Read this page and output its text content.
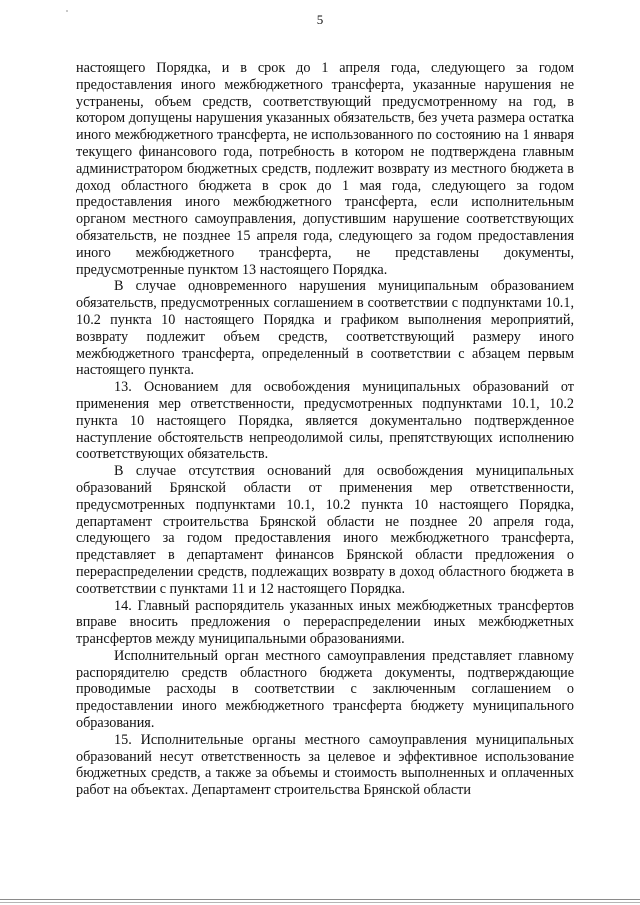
5

настоящего Порядка, и в срок до 1 апреля года, следующего за годом предоставления иного межбюджетного трансферта, указанные нарушения не устранены, объем средств, соответствующий предусмотренному на год, в котором допущены нарушения указанных обязательств, без учета размера остатка иного межбюджетного трансферта, не использованного по состоянию на 1 января текущего финансового года, потребность в котором не подтверждена главным администратором бюджетных средств, подлежит возврату из местного бюджета в доход областного бюджета в срок до 1 мая года, следующего за годом предоставления иного межбюджетного трансферта, если исполнительным органом местного самоуправления, допустившим нарушение соответствующих обязательств, не позднее 15 апреля года, следующего за годом предоставления иного межбюджетного трансферта, не представлены документы, предусмотренные пунктом 13 настоящего Порядка.

В случае одновременного нарушения муниципальным образованием обязательств, предусмотренных соглашением в соответствии с подпунктами 10.1, 10.2 пункта 10 настоящего Порядка и графиком выполнения мероприятий, возврату подлежит объем средств, соответствующий размеру иного межбюджетного трансферта, определенный в соответствии с абзацем первым настоящего пункта.

13. Основанием для освобождения муниципальных образований от применения мер ответственности, предусмотренных подпунктами 10.1, 10.2 пункта 10 настоящего Порядка, является документально подтвержденное наступление обстоятельств непреодолимой силы, препятствующих исполнению соответствующих обязательств.

В случае отсутствия оснований для освобождения муниципальных образований Брянской области от применения мер ответственности, предусмотренных подпунктами 10.1, 10.2 пункта 10 настоящего Порядка, департамент строительства Брянской области не позднее 20 апреля года, следующего за годом предоставления иного межбюджетного трансферта, представляет в департамент финансов Брянской области предложения о перераспределении средств, подлежащих возврату в доход областного бюджета в соответствии с пунктами 11 и 12 настоящего Порядка.

14. Главный распорядитель указанных иных межбюджетных трансфертов вправе вносить предложения о перераспределении иных межбюджетных трансфертов между муниципальными образованиями.

Исполнительный орган местного самоуправления представляет главному распорядителю средств областного бюджета документы, подтверждающие проводимые расходы в соответствии с заключенным соглашением о предоставлении иного межбюджетного трансферта бюджету муниципального образования.

15. Исполнительные органы местного самоуправления муниципальных образований несут ответственность за целевое и эффективное использование бюджетных средств, а также за объемы и стоимость выполненных и оплаченных работ на объектах. Департамент строительства Брянской области
